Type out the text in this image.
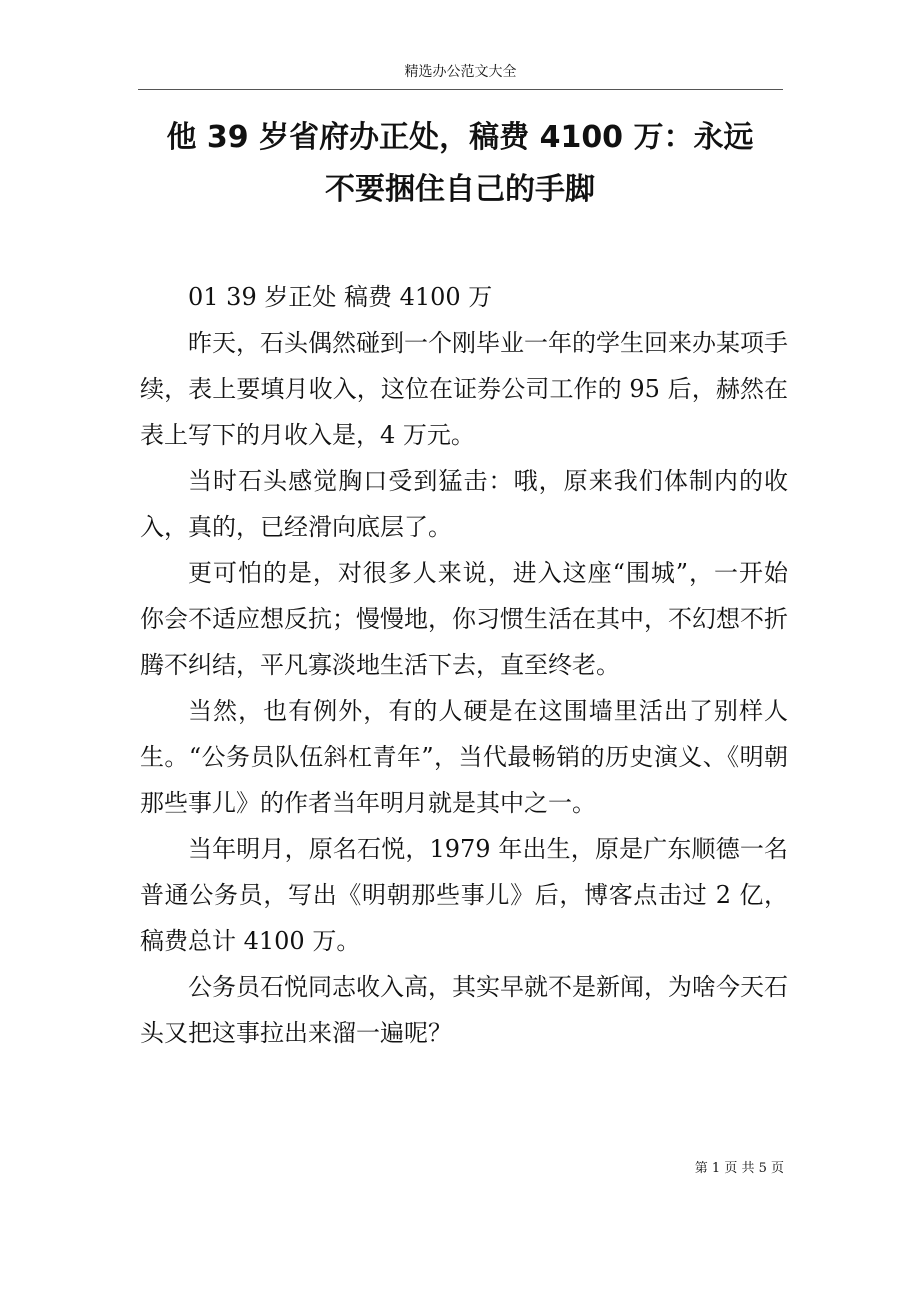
精选办公范文大全
他 39 岁省府办正处，稿费 4100 万：永远
不要捆住自己的手脚

01 39 岁正处 稿费 4100 万

昨天，石头偶然碰到一个刚毕业一年的学生回来办某项手续，表上要填月收入，这位在证券公司工作的 95 后，赫然在表上写下的月收入是，4 万元。

当时石头感觉胸口受到猛击：哦，原来我们体制内的收入，真的，已经滑向底层了。

更可怕的是，对很多人来说，进入这座“围城”，一开始你会不适应想反抗；慢慢地，你习惯生活在其中，不幻想不折腾不纠结，平凡寡淡地生活下去，直至终老。

当然，也有例外，有的人硬是在这围墙里活出了别样人生。“公务员队伍斜杠青年”，当代最畅销的历史演义、《明朝那些事儿》的作者当年明月就是其中之一。

当年明月，原名石悦，1979 年出生，原是广东顺德一名普通公务员，写出《明朝那些事儿》后，博客点击过 2 亿，稿费总计 4100 万。

公务员石悦同志收入高，其实早就不是新闻，为啥今天石头又把这事拉出来溜一遍呢？

第 1 页 共 5 页
